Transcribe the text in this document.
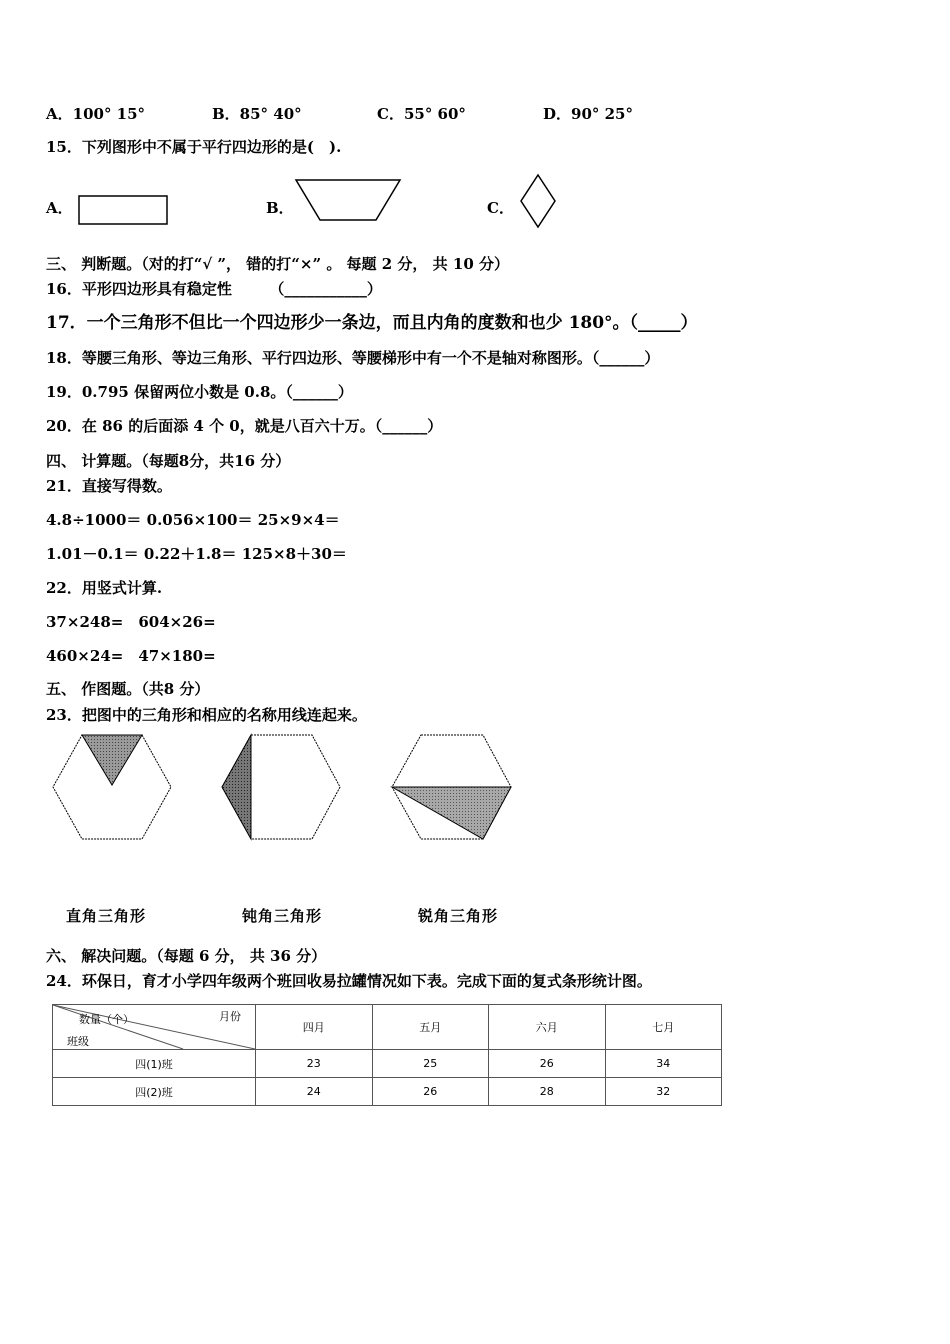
A．100° 15°	B．85° 40°	C．55° 60°	D．90° 25°
15．下列图形中不属于平行四边形的是(　).
A．	B．	C．
三、 判断题。（对的打“√ ”， 错的打“×” 。 每题 2 分， 共 10 分）
16．平形四边形具有稳定性　　　（___________）
17．一个三角形不但比一个四边形少一条边，而且内角的度数和也少 180°。（_____）
18．等腰三角形、等边三角形、平行四边形、等腰梯形中有一个不是轴对称图形。（______）
19．0.795 保留两位小数是 0.8。（______）
20．在 86 的后面添 4 个 0，就是八百六十万。（______）
四、 计算题。（每题8分，共16 分）
21．直接写得数。
4.8÷1000＝ 0.056×100＝ 25×9×4＝
1.01－0.1＝ 0.22＋1.8＝ 125×8＋30＝
22．用竖式计算.
37×248=　604×26=
460×24=　47×180=
五、 作图题。（共8 分）
23．把图中的三角形和相应的名称用线连起来。
直角三角形	钝角三角形	锐角三角形
六、 解决问题。（每题 6 分， 共 36 分）
24．环保日，育才小学四年级两个班回收易拉罐情况如下表。完成下面的复式条形统计图。
数量（个） 月份
班级	四月	五月	六月	七月
四(1)班	23	25	26	34
四(2)班	24	26	28	32
